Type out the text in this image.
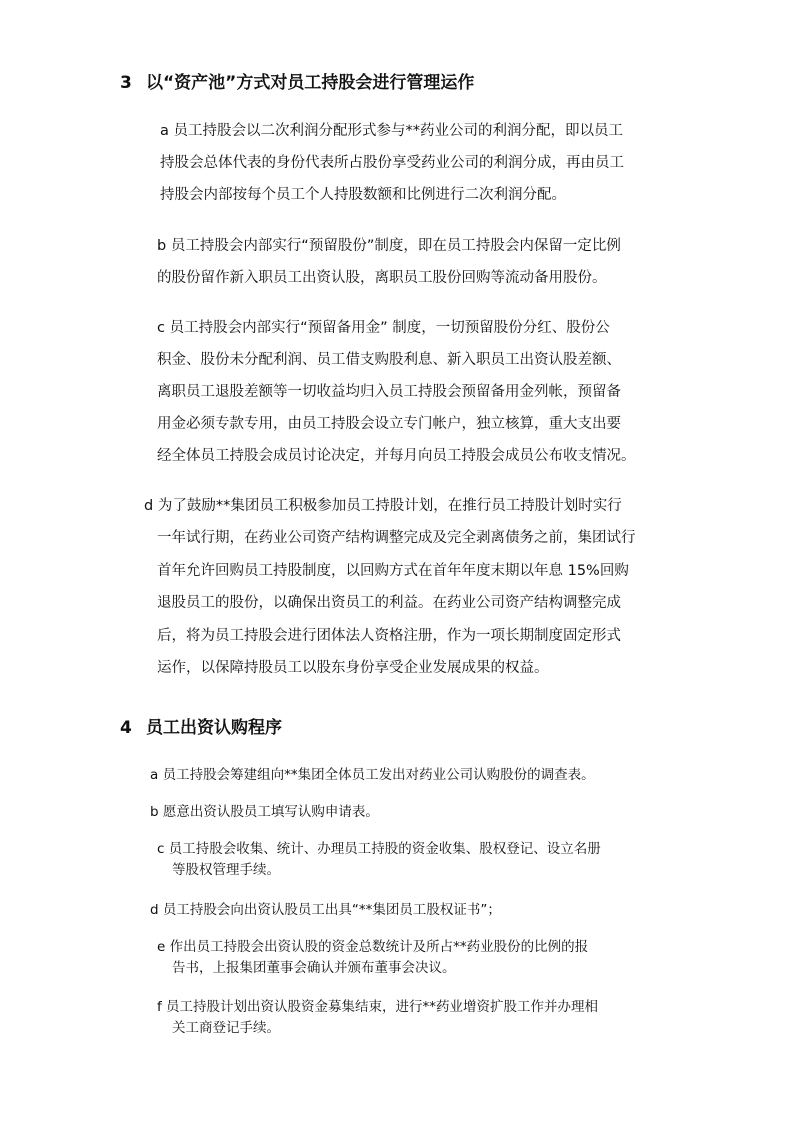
3 以“资产池”方式对员工持股会进行管理运作
a 员工持股会以二次利润分配形式参与**药业公司的利润分配，即以员工
持股会总体代表的身份代表所占股份享受药业公司的利润分成，再由员工
持股会内部按每个员工个人持股数额和比例进行二次利润分配。
b 员工持股会内部实行“预留股份”制度，即在员工持股会内保留一定比例
的股份留作新入职员工出资认股，离职员工股份回购等流动备用股份。
c 员工持股会内部实行“预留备用金” 制度，一切预留股份分红、股份公
积金、股份未分配利润、员工借支购股利息、新入职员工出资认股差额、
离职员工退股差额等一切收益均归入员工持股会预留备用金列帐，预留备
用金必须专款专用，由员工持股会设立专门帐户，独立核算，重大支出要
经全体员工持股会成员讨论决定，并每月向员工持股会成员公布收支情况。
d 为了鼓励**集团员工积极参加员工持股计划，在推行员工持股计划时实行
一年试行期，在药业公司资产结构调整完成及完全剥离债务之前，集团试行
首年允许回购员工持股制度，以回购方式在首年年度末期以年息 15%回购
退股员工的股份，以确保出资员工的利益。在药业公司资产结构调整完成
后，将为员工持股会进行团体法人资格注册，作为一项长期制度固定形式
运作，以保障持股员工以股东身份享受企业发展成果的权益。
4 员工出资认购程序
a 员工持股会筹建组向**集团全体员工发出对药业公司认购股份的调查表。
b 愿意出资认股员工填写认购申请表。
c 员工持股会收集、统计、办理员工持股的资金收集、股权登记、设立名册
等股权管理手续。
d 员工持股会向出资认股员工出具“**集团员工股权证书”；
e 作出员工持股会出资认股的资金总数统计及所占**药业股份的比例的报
告书，上报集团董事会确认并颁布董事会决议。
f 员工持股计划出资认股资金募集结束，进行**药业增资扩股工作并办理相
关工商登记手续。
